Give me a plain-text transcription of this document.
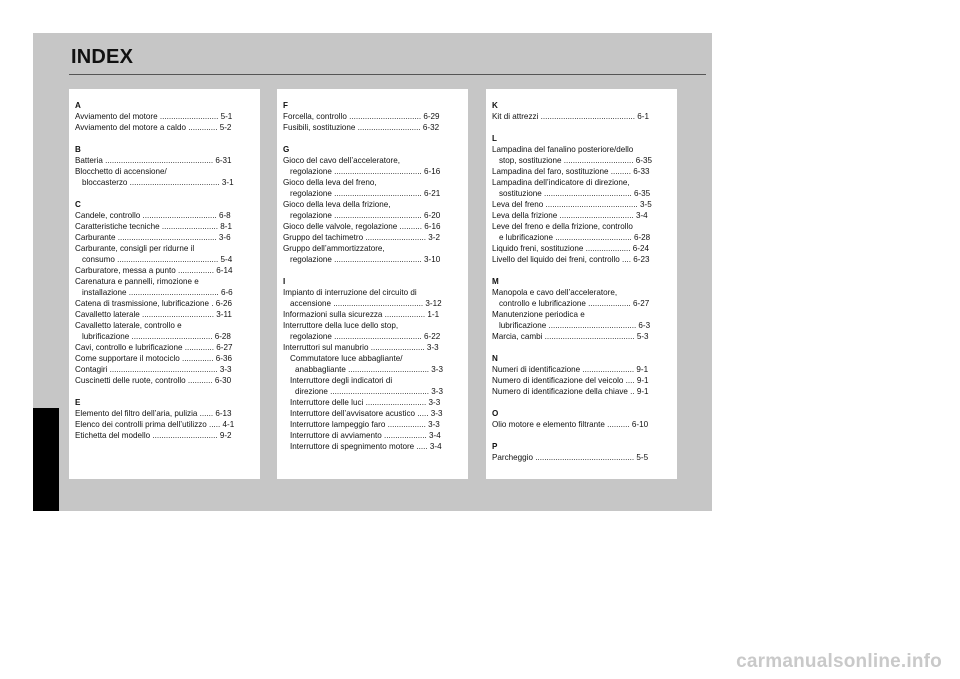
INDEX
A
Avviamento del motore .......................... 5-1
Avviamento del motore a caldo ............. 5-2
B
Batteria ................................................ 6-31
Blocchetto di accensione/
bloccasterzo ........................................ 3-1
C
Candele, controllo ................................. 6-8
Caratteristiche tecniche ......................... 8-1
Carburante ............................................ 3-6
Carburante, consigli per ridurne il
consumo ............................................. 5-4
Carburatore, messa a punto ................ 6-14
Carenatura e pannelli, rimozione e
installazione ........................................ 6-6
Catena di trasmissione, lubrificazione . 6-26
Cavalletto laterale ................................ 3-11
Cavalletto laterale, controllo e
lubrificazione .................................... 6-28
Cavi, controllo e lubrificazione ............. 6-27
Come supportare il motociclo .............. 6-36
Contagiri ................................................ 3-3
Cuscinetti delle ruote, controllo ........... 6-30
E
Elemento del filtro dell’aria, pulizia ...... 6-13
Elenco dei controlli prima dell’utilizzo ..... 4-1
Etichetta del modello ............................. 9-2
F
Forcella, controllo ................................ 6-29
Fusibili, sostituzione ............................ 6-32
G
Gioco del cavo dell’acceleratore,
regolazione ....................................... 6-16
Gioco della leva del freno,
regolazione ....................................... 6-21
Gioco della leva della frizione,
regolazione ....................................... 6-20
Gioco delle valvole, regolazione .......... 6-16
Gruppo del tachimetro ........................... 3-2
Gruppo dell’ammortizzatore,
regolazione ....................................... 3-10
I
Impianto di interruzione del circuito di
accensione ........................................ 3-12
Informazioni sulla sicurezza .................. 1-1
Interruttore della luce dello stop,
regolazione ....................................... 6-22
Interruttori sul manubrio ........................ 3-3
Commutatore luce abbagliante/
anabbagliante .................................... 3-3
Interruttore degli indicatori di
direzione ............................................ 3-3
Interruttore delle luci ........................... 3-3
Interruttore dell’avvisatore acustico ..... 3-3
Interruttore lampeggio faro ................. 3-3
Interruttore di avviamento ................... 3-4
Interruttore di spegnimento motore ..... 3-4
K
Kit di attrezzi .......................................... 6-1
L
Lampadina del fanalino posteriore/dello
stop, sostituzione ............................... 6-35
Lampadina del faro, sostituzione ......... 6-33
Lampadina dell’indicatore di direzione,
sostituzione ....................................... 6-35
Leva del freno ......................................... 3-5
Leva della frizione ................................. 3-4
Leve del freno e della frizione, controllo
e lubrificazione .................................. 6-28
Liquido freni, sostituzione .................... 6-24
Livello del liquido dei freni, controllo .... 6-23
M
Manopola e cavo dell’acceleratore,
controllo e lubrificazione ................... 6-27
Manutenzione periodica e
lubrificazione ....................................... 6-3
Marcia, cambi ........................................ 5-3
N
Numeri di identificazione ....................... 9-1
Numero di identificazione del veicolo .... 9-1
Numero di identificazione della chiave .. 9-1
O
Olio motore e elemento filtrante .......... 6-10
P
Parcheggio ............................................ 5-5
carmanualsonline.info
